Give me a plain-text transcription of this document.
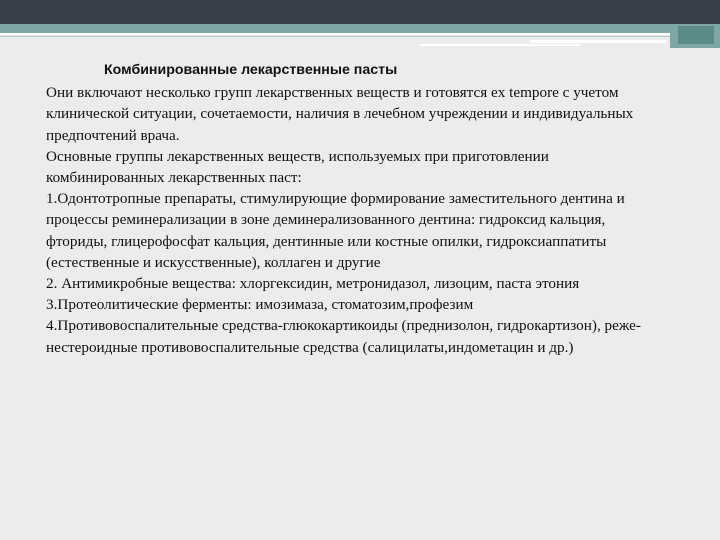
Комбинированные лекарственные пасты

Они включают несколько групп лекарственных веществ и готовятся ex tempore с учетом клинической ситуации, сочетаемости, наличия в лечебном учреждении и индивидуальных предпочтений врача.

Основные группы лекарственных веществ, используемых при приготовлении комбинированных лекарственных паст:

1.Одонтотропные препараты, стимулирующие формирование заместительного дентина и процессы реминерализации в зоне деминерализованного дентина: гидроксид кальция, фториды, глицерофосфат кальция, дентинные или костные опилки, гидроксиаппатиты (естественные и искусственные), коллаген и другие

2. Антимикробные вещества: хлоргексидин, метронидазол, лизоцим, паста этония

3.Протеолитические ферменты: имозимаза, стоматозим,профезим

4.Противовоспалительные средства-глюкокартикоиды (преднизолон, гидрокартизон), реже- нестероидные противовоспалительные средства (салицилаты,индометацин и др.)
